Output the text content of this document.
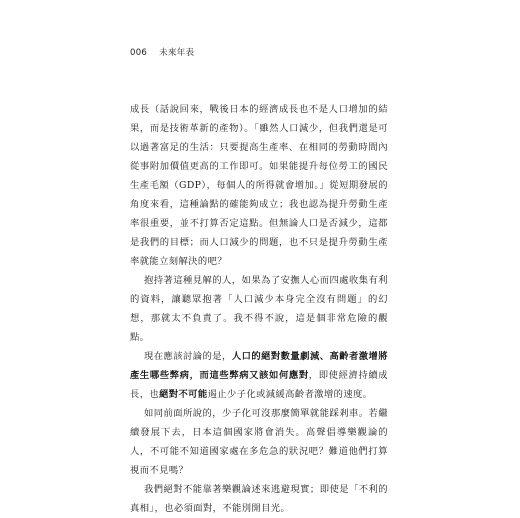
006 未來年表

成長（話說回來，戰後日本的經濟成長也不是人口增加的結果，而是技術革新的產物）。「雖然人口減少，但我們還是可以過著富足的生活：只要提高生產率、在相同的勞動時間內從事附加價值更高的工作即可。如果能提升每位勞工的國民生產毛額（GDP），每個人的所得就會增加。」從短期發展的角度來看，這種論點的確能夠成立；我也認為提升勞動生產率很重要，並不打算否定這點。但無論人口是否減少，這都是我們的目標；而人口減少的問題，也不只是提升勞動生產率就能立刻解決的吧？

抱持著這種見解的人，如果為了安撫人心而四處收集有利的資料，讓聽眾抱著「人口減少本身完全沒有問題」的幻想，那就太不負責了。我不得不說，這是個非常危險的觀點。

現在應該討論的是，人口的絕對數量劇減、高齡者激增將產生哪些弊病，而這些弊病又該如何應對，即使經濟持續成長，也絕對不可能遏止少子化或減緩高齡者激增的速度。

如同前面所說的，少子化可沒那麼簡單就能踩剎車。若繼續發展下去，日本這個國家將會消失。高聲倡導樂觀論的人，不可能不知道國家處在多危急的狀況吧？難道他們打算視而不見嗎？

我們絕對不能靠著樂觀論述來逃避現實；即使是「不利的真相」，也必須面對，不能別開目光。
